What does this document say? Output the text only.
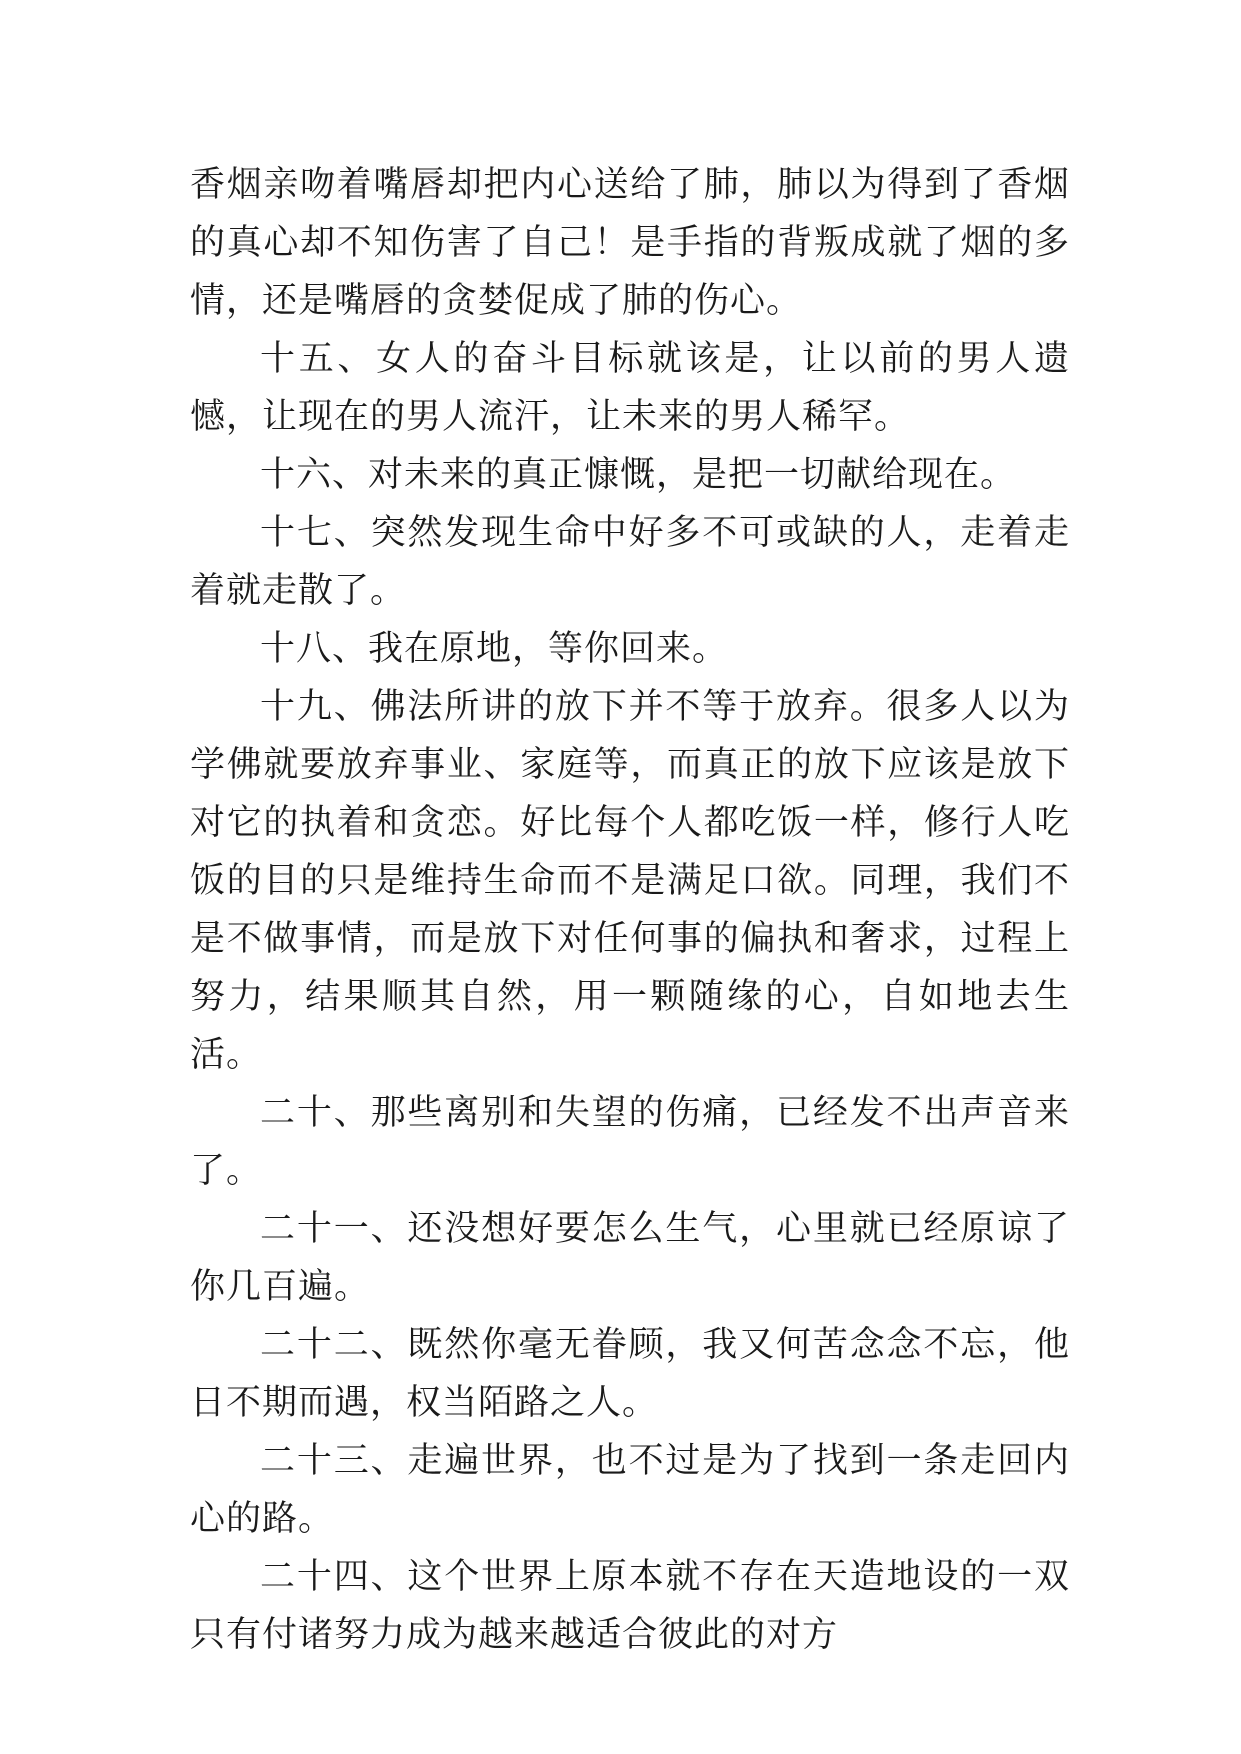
香烟亲吻着嘴唇却把内心送给了肺，肺以为得到了香烟的真心却不知伤害了自己！是手指的背叛成就了烟的多情，还是嘴唇的贪婪促成了肺的伤心。

十五、女人的奋斗目标就该是，让以前的男人遗憾，让现在的男人流汗，让未来的男人稀罕。

十六、对未来的真正慷慨，是把一切献给现在。

十七、突然发现生命中好多不可或缺的人，走着走着就走散了。

十八、我在原地，等你回来。

十九、佛法所讲的放下并不等于放弃。很多人以为学佛就要放弃事业、家庭等，而真正的放下应该是放下对它的执着和贪恋。好比每个人都吃饭一样，修行人吃饭的目的只是维持生命而不是满足口欲。同理，我们不是不做事情，而是放下对任何事的偏执和奢求，过程上努力，结果顺其自然，用一颗随缘的心，自如地去生活。

二十、那些离别和失望的伤痛，已经发不出声音来了。

二十一、还没想好要怎么生气，心里就已经原谅了你几百遍。

二十二、既然你毫无眷顾，我又何苦念念不忘，他日不期而遇，权当陌路之人。

二十三、走遍世界，也不过是为了找到一条走回内心的路。

二十四、这个世界上原本就不存在天造地设的一双只有付诸努力成为越来越适合彼此的对方
